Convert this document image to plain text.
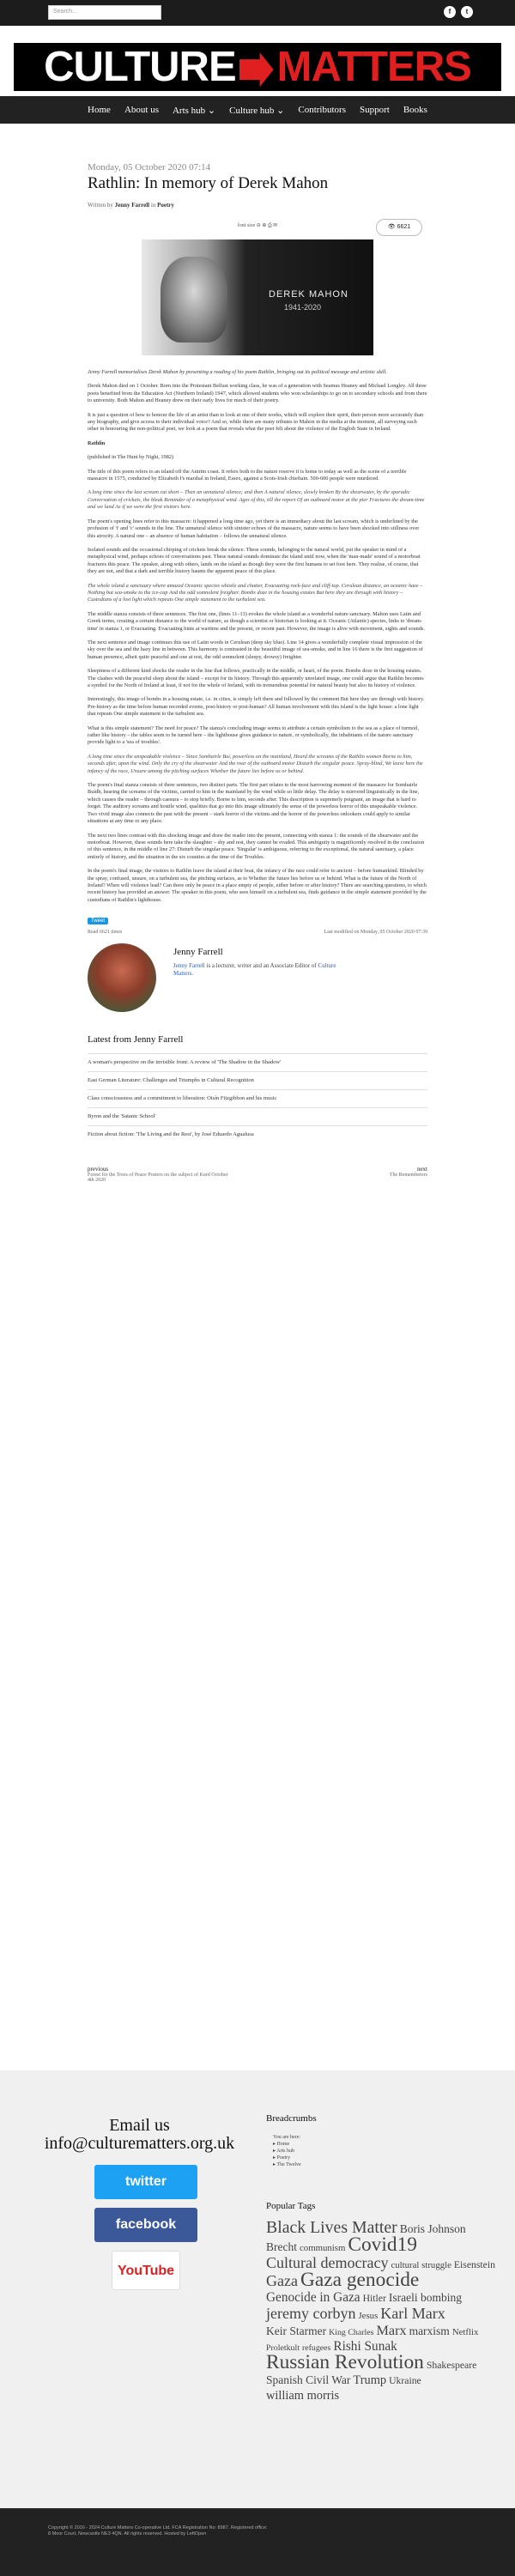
Search...	f	t
CULTURE MATTERS
Home About us Arts hub ⌄ Culture hub ⌄ Contributors Support Books
Monday, 05 October 2020 07:14
Rathlin: In memory of Derek Mahon
Written by Jenny Farrell in Poetry
👁 6621
font size ⊖ ⊕ ⎙ ✉
DEREK MAHON
1941-2020

Jenny Farrell memorialises Derek Mahon by presenting a reading of his poem Rathlin, bringing out its political message and artistic skill.

Derek Mahon died on 1 October. Born into the Protestant Belfast working class, he was of a generation with Seamus Heaney and Michael Longley. All three poets benefited from the Education Act (Northern Ireland) 1947, which allowed students who won scholarships to go on to secondary schools and from there to university. Both Mahon and Heaney drew on their early lives for much of their poetry.

It is just a question of how to honour the life of an artist than to look at one of their works, which will explore their spirit, their person more accurately than any biography, and give access to their individual voice? And so, while there are many tributes to Mahon in the media at the moment, all surveying each other in honouring the non-political poet, we look at a poem that reveals what the poet felt about the violence of the English State in Ireland.

Rathlin

(published in The Hunt by Night, 1982)

The title of this poem refers to an island off the Antrim coast. It refers both to the nature reserve it is home to today as well as the scene of a terrible massacre in 1575, conducted by Elizabeth I's marshal in Ireland, Essex, against a Scots-Irish chieftain. 500-600 people were murdered.

A long time since the last scream cut short – Then an unnatural silence; and then A natural silence, slowly broken By the shearwater, by the sporadic Conversation of crickets, the bleak Reminder of a metaphysical wind. Ages of this, till the report Of an outboard motor at the pier Fractures the dream-time and we land As if we were the first visitors here.

The poem's opening lines refer to this massacre: it happened a long time ago, yet there is an immediacy about the last scream, which is underlined by the profusion of 't' and 'c' sounds in the line. The unnatural silence with sinister echoes of the massacre, nature seems to have been shocked into stillness over this atrocity. A natural one – an absence of human habitation – follows the unnatural silence.

Isolated sounds and the occasional chirping of crickets break the silence. These sounds, belonging to the natural world, put the speaker in mind of a metaphysical wind, perhaps echoes of conversations past. These natural sounds dominate the island until now, when the 'man-made' sound of a motorboat fractures this peace. The speaker, along with others, lands on the island as though they were the first humans to set foot here. They realise, of course, that they are not, and that a dark and terrible history haunts the apparent peace of this place.

The whole island a sanctuary where amazed Oceanic species whistle and chatter, Evacuating rock-face and cliff-top. Cerulean distance, an oceanic haze – Nothing but sea-smoke to the ice-cap And the odd somnolent freighter. Bombs doze in the housing estates But here they are through with history – Custodians of a lost light which repeats One simple statement to the turbulent sea.

The middle stanza consists of three sentences. The first one, (lines 11–13) evokes the whole island as a wonderful nature sanctuary. Mahon uses Latin and Greek terms, creating a certain distance to the world of nature, as though a scientist or historian is looking at it. Oceanic (Atlantic) species, links to 'dream-time' in stanza 1, or Evacuating. Evacuating hints at wartime and the present, or recent past. However, the image is alive with movement, sights and sounds.

The next sentence and image continues this use of Latin words in Cerulean (deep sky blue). Line 14 gives a wonderfully complete visual impression of the sky over the sea and the hazy line in between. This harmony is contrasted in the beautiful image of sea-smoke, and in line 16 there is the first suggestion of human presence, albeit quite peaceful and one at rest, the odd somnolent (sleepy, drowsy) freighter.

Sleepiness of a different kind shocks the reader in the line that follows, practically in the middle, or heart, of the poem. Bombs doze in the housing estates. The clashes with the peaceful sleep about the island – except for its history. Through this apparently unrelated image, one could argue that Rathlin becomes a symbol for the North of Ireland at least, if not for the whole of Ireland, with its tremendous potential for natural beauty but also its history of violence.

Interestingly, this image of bombs in a housing estate, i.e. in cities, is simply left there and followed by the comment But here they are through with history. Pre-history as the time before human recorded events, post-history or post-human? All human involvement with this island is the light house: a lone light that repeats One simple statement to the turbulent sea.

What is this simple statement? The need for peace? The stanza's concluding image seems to attribute a certain symbolism to the sea as a place of turmoil, rather like history – the tables seem to be turned here – the lighthouse gives guidance to nature, or symbolically, the inhabitants of the nature sanctuary provide light to a 'sea of troubles'.

A long time since the unspeakable violence – Since Somhairle Buí, powerless on the mainland, Heard the screams of the Rathlin women Borne to him, seconds after, upon the wind. Only the cry of the shearwater And the roar of the outboard motor Disturb the singular peace. Spray-blind, We leave here the infancy of the race, Unsure among the pitching surfaces Whether the future lies before us or behind.

The poem's final stanza consists of three sentences, two distinct parts. The first part relates to the most harrowing moment of the massacre for Somhairle Buídh, hearing the screams of the victims, carried to him in the mainland by the wind while so little delay. The delay is mirrored linguistically in the line, which causes the reader – through caesura – to stop briefly. Borne to him, seconds after. This description is supremely poignant, an image that is hard to forget. The auditory screams and hostile wind, qualities that go into this image ultimately the sense of the powerless horror of this unspeakable violence. Two vivid image also connects the past with the present – stark horror of the victims and the horror of the powerless onlookers could apply to similar situations at any time or any place.

The next two lines contrast with this shocking image and draw the reader into the present, connecting with stanza 1: the sounds of the shearwater and the motorboat. However, these sounds here take the slaughter – shy and rest, they cannot be evaded. This ambiguity is magnificently resolved in the conclusion of this sentence, in the middle of line 27: Disturb the singular peace. 'Singular' is ambiguous, referring to the exceptional, the natural sanctuary, a place entirely of history, and the situation in the six counties at the time of the Troubles.

In the poem's final image, the visitors to Rathlin leave the island at their boat, the infancy of the race could refer to ancient – before humankind. Blinded by the spray, confused, unsure, on a turbulent sea, the pitching surfaces, as to Whether the future lies before us or behind. What is the future of the North of Ireland? When will violence lead? Can there only be peace in a place empty of people, either before or after history? There are searching questions, to which recent history has provided an answer. The speaker in this poem, who sees himself on a turbulent sea, finds guidance in the simple statement provided by the custodians of Rathlin's lighthouse.

Tweet
Read 6621 times	Last modified on Monday, 05 October 2020 07:39
Jenny Farrell
Jenny Farrell is a lecturer, writer and an Associate Editor of Culture Matters.
Latest from Jenny Farrell
A woman's perspective on the invisible front: A review of 'The Shadow in the Shadow'
East German Literature: Challenges and Triumphs in Cultural Recognition
Class consciousness and a commitment to liberation: Oisín Fitzgibbon and his music
Byron and the 'Satanic School'
Fiction about fiction: 'The Living and the Rest', by José Eduardo Agualusa
previous
Forest for the Trees of Peace Posters on the subject of Kurd October 4th 2020
next
The Rememberers
Email us
info@culturematters.org.uk
twitter
facebook
YouTube
Breadcrumbs
You are here:
▸ Home
▸ Arts hub
▸ Poetry
▸ The Twelve
Popular Tags
Black Lives Matter Boris JohnsonBrecht communism Covid19Cultural democracy cultural struggle EisensteinGaza Gaza genocideGenocide in Gaza Hitler Israeli bombingjeremy corbyn Jesus Karl MarxKeir Starmer King Charles Marx marxism NetflixProletkult refugees Rishi SunakRussian Revolution ShakespeareSpanish Civil War Trump Ukrainewilliam morris
Copyright © 2016 - 2024 Culture Matters Co-operative Ltd. FCA Registration No: 8987. Registered office: 8 Moor Court, Newcastle NE3 4QN. All rights reserved. Hosted by LeftOpen
